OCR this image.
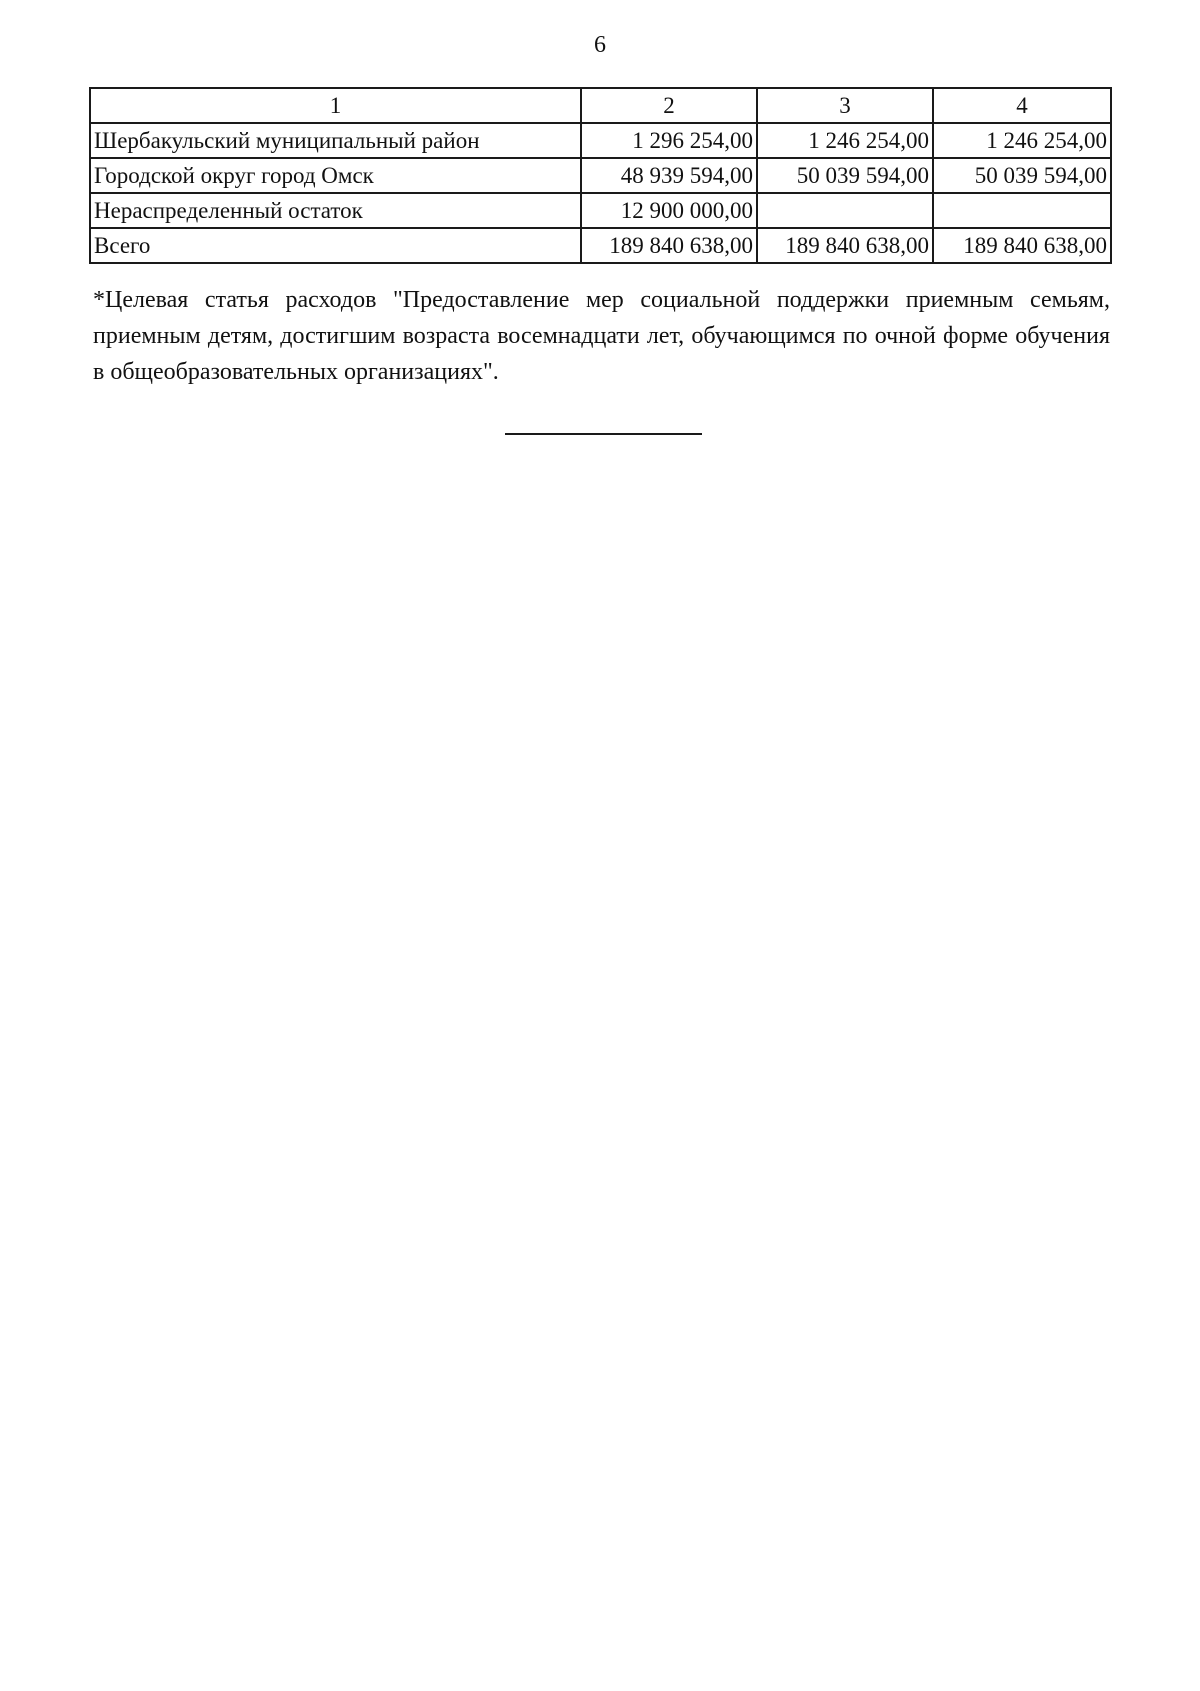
6
1	2	3	4
Шербакульский муниципальный район	1 296 254,00	1 246 254,00	1 246 254,00
Городской округ город Омск	48 939 594,00	50 039 594,00	50 039 594,00
Нераспределенный остаток	12 900 000,00		
Всего	189 840 638,00	189 840 638,00	189 840 638,00
*Целевая статья расходов "Предоставление мер социальной поддержки приемным семьям, приемным детям, достигшим возраста восемнадцати лет, обучающимся по очной форме обучения в общеобразовательных организациях".
